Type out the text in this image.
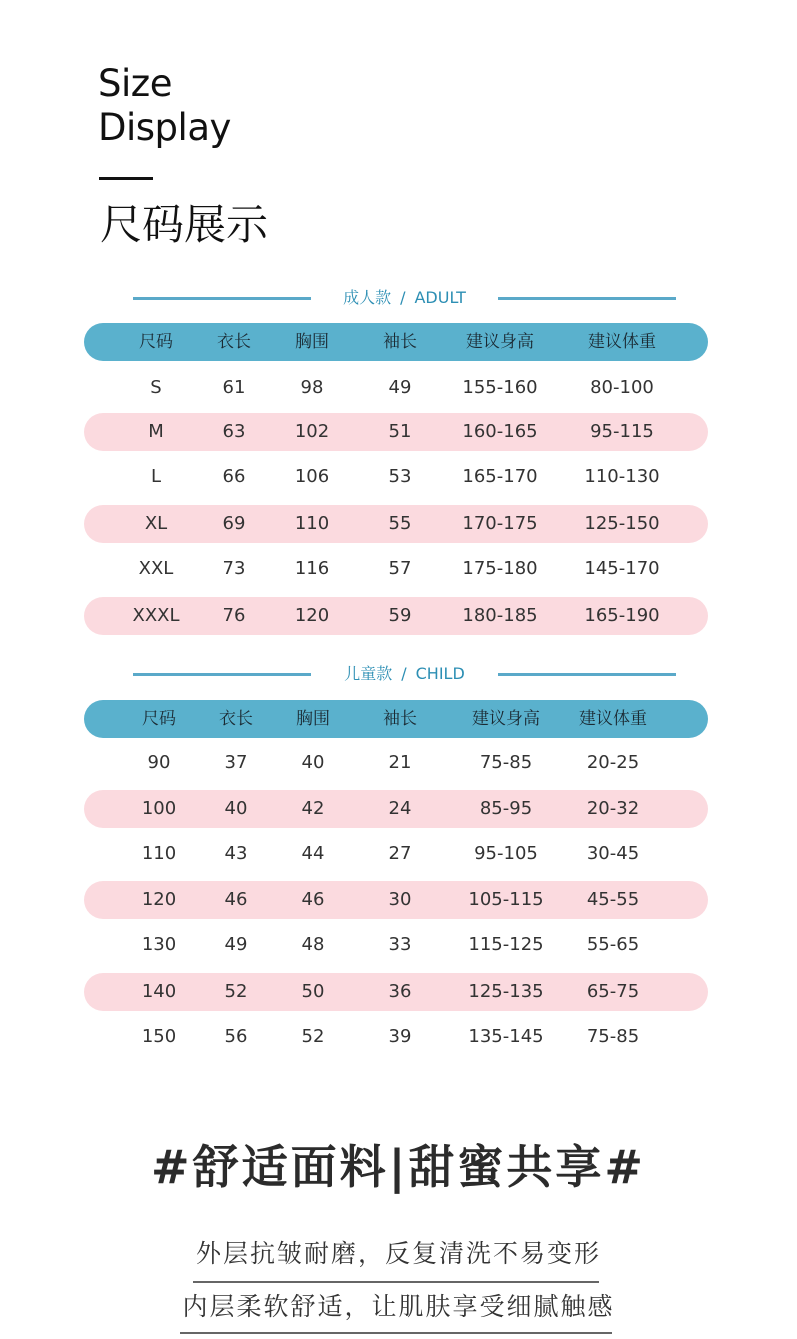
Size
Display
尺码展示
成人款 / ADULT
尺码	衣长	胸围	袖长	建议身高	建议体重
S	61	98	49	155-160	80-100
M	63	102	51	160-165	95-115
L	66	106	53	165-170	110-130
XL	69	110	55	170-175	125-150
XXL	73	116	57	175-180	145-170
XXXL	76	120	59	180-185	165-190
儿童款 / CHILD
尺码	衣长	胸围	袖长	建议身高	建议体重
90	37	40	21	75-85	20-25
100	40	42	24	85-95	20-32
110	43	44	27	95-105	30-45
120	46	46	30	105-115	45-55
130	49	48	33	115-125	55-65
140	52	50	36	125-135	65-75
150	56	52	39	135-145	75-85
#舒适面料|甜蜜共享#
外层抗皱耐磨，反复清洗不易变形
内层柔软舒适，让肌肤享受细腻触感
